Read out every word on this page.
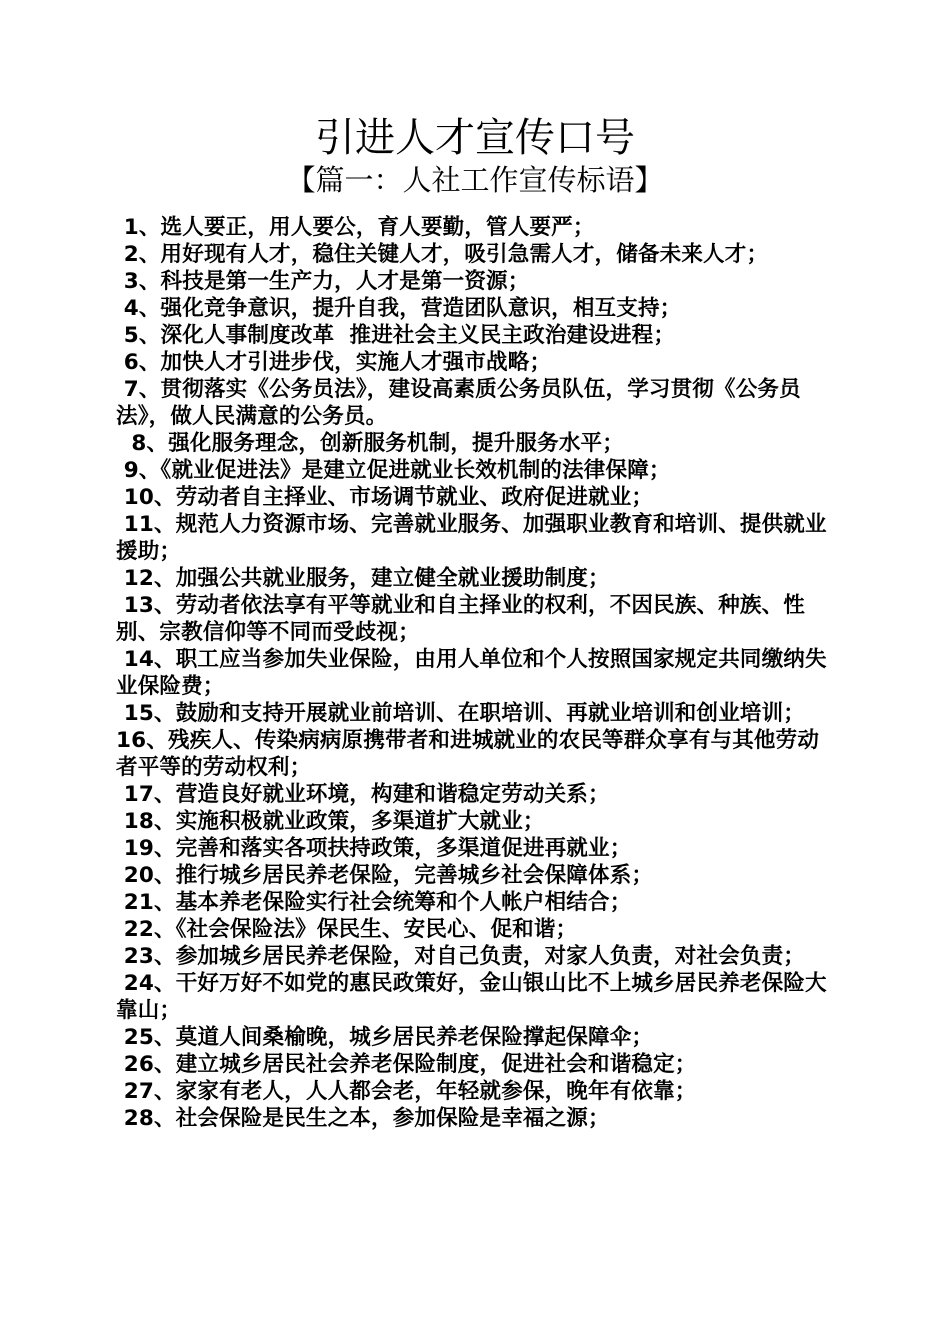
引进人才宣传口号
【篇一：人社工作宣传标语】
1、选人要正，用人要公，育人要勤，管人要严；
2、用好现有人才，稳住关键人才，吸引急需人才，储备未来人才；
3、科技是第一生产力，人才是第一资源；
4、强化竞争意识，提升自我，营造团队意识，相互支持；
5、深化人事制度改革  推进社会主义民主政治建设进程；
6、加快人才引进步伐，实施人才强市战略；
7、贯彻落实《公务员法》，建设高素质公务员队伍，学习贯彻《公务员法》，做人民满意的公务员。
8、强化服务理念，创新服务机制，提升服务水平；
9、《就业促进法》是建立促进就业长效机制的法律保障；
10、劳动者自主择业、市场调节就业、政府促进就业；
11、规范人力资源市场、完善就业服务、加强职业教育和培训、提供就业援助；
12、加强公共就业服务，建立健全就业援助制度；
13、劳动者依法享有平等就业和自主择业的权利，不因民族、种族、性别、宗教信仰等不同而受歧视；
14、职工应当参加失业保险，由用人单位和个人按照国家规定共同缴纳失业保险费；
15、鼓励和支持开展就业前培训、在职培训、再就业培训和创业培训；
16、残疾人、传染病病原携带者和进城就业的农民等群众享有与其他劳动者平等的劳动权利；
17、营造良好就业环境，构建和谐稳定劳动关系；
18、实施积极就业政策，多渠道扩大就业；
19、完善和落实各项扶持政策，多渠道促进再就业；
20、推行城乡居民养老保险，完善城乡社会保障体系；
21、基本养老保险实行社会统筹和个人帐户相结合；
22、《社会保险法》保民生、安民心、促和谐；
23、参加城乡居民养老保险，对自己负责，对家人负责，对社会负责；
24、干好万好不如党的惠民政策好，金山银山比不上城乡居民养老保险大靠山；
25、莫道人间桑榆晚，城乡居民养老保险撑起保障伞；
26、建立城乡居民社会养老保险制度，促进社会和谐稳定；
27、家家有老人，人人都会老，年轻就参保，晚年有依靠；
28、社会保险是民生之本，参加保险是幸福之源；
